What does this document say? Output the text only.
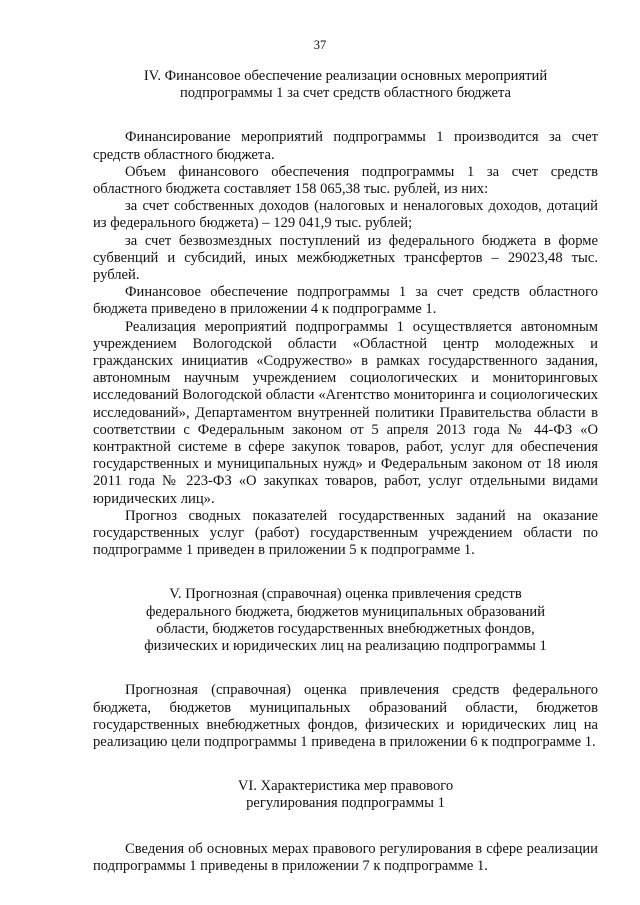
37
IV. Финансовое обеспечение реализации основных мероприятий
подпрограммы 1 за счет средств областного бюджета

Финансирование мероприятий подпрограммы 1 производится за счет средств областного бюджета.

Объем финансового обеспечения подпрограммы 1 за счет средств областного бюджета составляет 158 065,38 тыс. рублей, из них:

за счет собственных доходов (налоговых и неналоговых доходов, дотаций из федерального бюджета) – 129 041,9 тыс. рублей;

за счет безвозмездных поступлений из федерального бюджета в форме субвенций и субсидий, иных межбюджетных трансфертов – 29023,48 тыс. рублей.

Финансовое обеспечение подпрограммы 1 за счет средств областного бюджета приведено в приложении 4 к подпрограмме 1.

Реализация мероприятий подпрограммы 1 осуществляется автономным учреждением Вологодской области «Областной центр молодежных и гражданских инициатив «Содружество» в рамках государственного задания, автономным научным учреждением социологических и мониторинговых исследований Вологодской области «Агентство мониторинга и социологических исследований», Департаментом внутренней политики Правительства области в соответствии с Федеральным законом от 5 апреля 2013 года № 44-ФЗ «О контрактной системе в сфере закупок товаров, работ, услуг для обеспечения государственных и муниципальных нужд» и Федеральным законом от 18 июля 2011 года № 223-ФЗ «О закупках товаров, работ, услуг отдельными видами юридических лиц».

Прогноз сводных показателей государственных заданий на оказание государственных услуг (работ) государственным учреждением области по подпрограмме 1 приведен в приложении 5 к подпрограмме 1.

V. Прогнозная (справочная) оценка привлечения средств
федерального бюджета, бюджетов муниципальных образований
области, бюджетов государственных внебюджетных фондов,
физических и юридических лиц на реализацию подпрограммы 1

Прогнозная (справочная) оценка привлечения средств федерального бюджета, бюджетов муниципальных образований области, бюджетов государственных внебюджетных фондов, физических и юридических лиц на реализацию цели подпрограммы 1 приведена в приложении 6 к подпрограмме 1.

VI. Характеристика мер правового
регулирования подпрограммы 1

Сведения об основных мерах правового регулирования в сфере реализации подпрограммы 1 приведены в приложении 7 к подпрограмме 1.
